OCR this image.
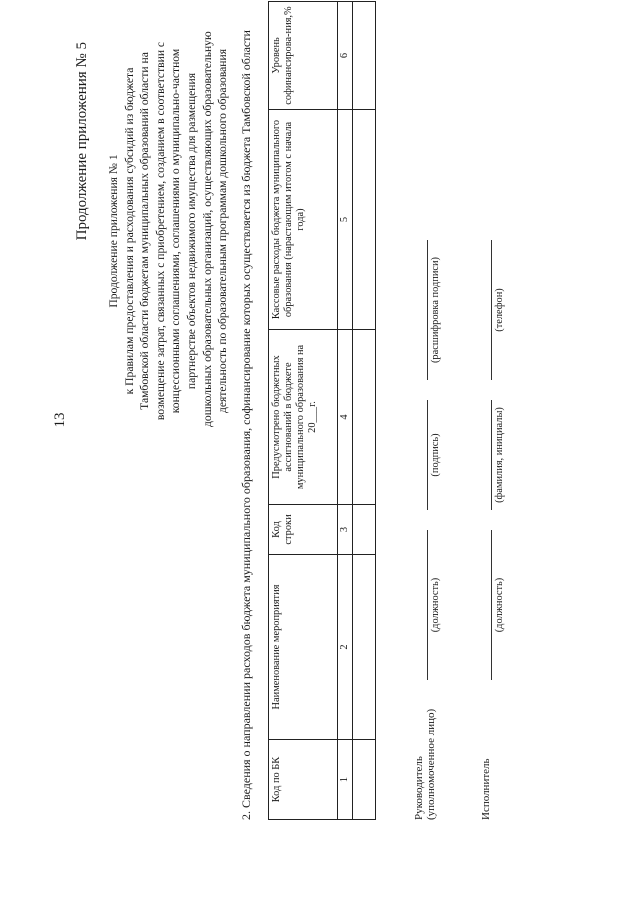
13
Продолжение приложения № 5 Продолжение приложения № 1 к Правилам предоставления и расходования субсидий из бюджета Тамбовской области бюджетам муниципальных образований области на возмещение затрат, связанных с приобретением, созданием в соответствии с концессионными соглашениями, соглашениями о муниципально-частном партнерстве объектов недвижимого имущества для размещения дошкольных образовательных организаций, осуществляющих образовательную деятельность по образовательным программам дошкольного образования 2. Сведения о направлении расходов бюджета муниципального образования, софинансирование которых осуществляется из бюджета Тамбовской области Код по БК	Наименование мероприятия	Код строки	Предусмотрено бюджетных ассигнований в бюджете муниципального образования на 20___г.	Кассовые расходы бюджета муниципального образования (нарастающим итогом с начала года)	Уровень софинансирова-ния,%
1	2	3	4	5	6

Руководитель
(уполномоченное лицо)
(должность)
(подпись)
(расшифровка подписи)
Исполнитель
(должность)
(фамилия, инициалы)
(телефон)
